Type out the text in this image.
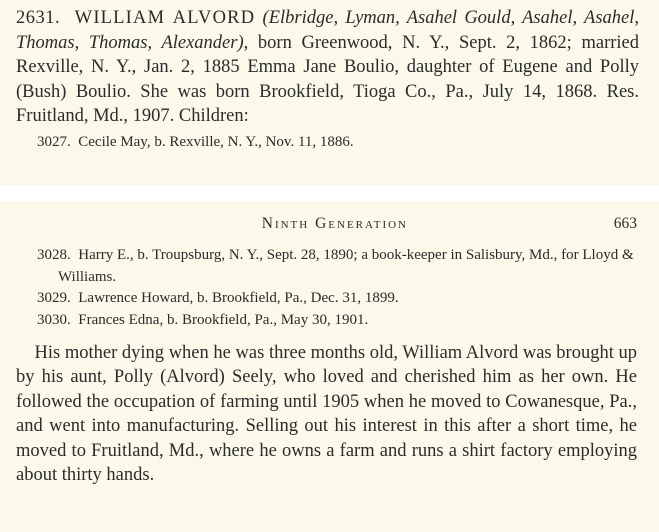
2631. WILLIAM ALVORD (Elbridge, Lyman, Asahel Gould, Asahel, Asahel, Thomas, Thomas, Alexander), born Greenwood, N. Y., Sept. 2, 1862; married Rexville, N. Y., Jan. 2, 1885 Emma Jane Boulio, daughter of Eugene and Polly (Bush) Boulio. She was born Brookfield, Tioga Co., Pa., July 14, 1868. Res. Fruitland, Md., 1907. Children:

3027. Cecile May, b. Rexville, N. Y., Nov. 11, 1886.

Ninth Generation	663

3028. Harry E., b. Troupsburg, N. Y., Sept. 28, 1890; a book-keeper in Salisbury, Md., for Lloyd & Williams.

3029. Lawrence Howard, b. Brookfield, Pa., Dec. 31, 1899.

3030. Frances Edna, b. Brookfield, Pa., May 30, 1901.

His mother dying when he was three months old, William Alvord was brought up by his aunt, Polly (Alvord) Seely, who loved and cherished him as her own. He followed the occupation of farming until 1905 when he moved to Cowanesque, Pa., and went into manufacturing. Selling out his interest in this after a short time, he moved to Fruitland, Md., where he owns a farm and runs a shirt factory employing about thirty hands.
